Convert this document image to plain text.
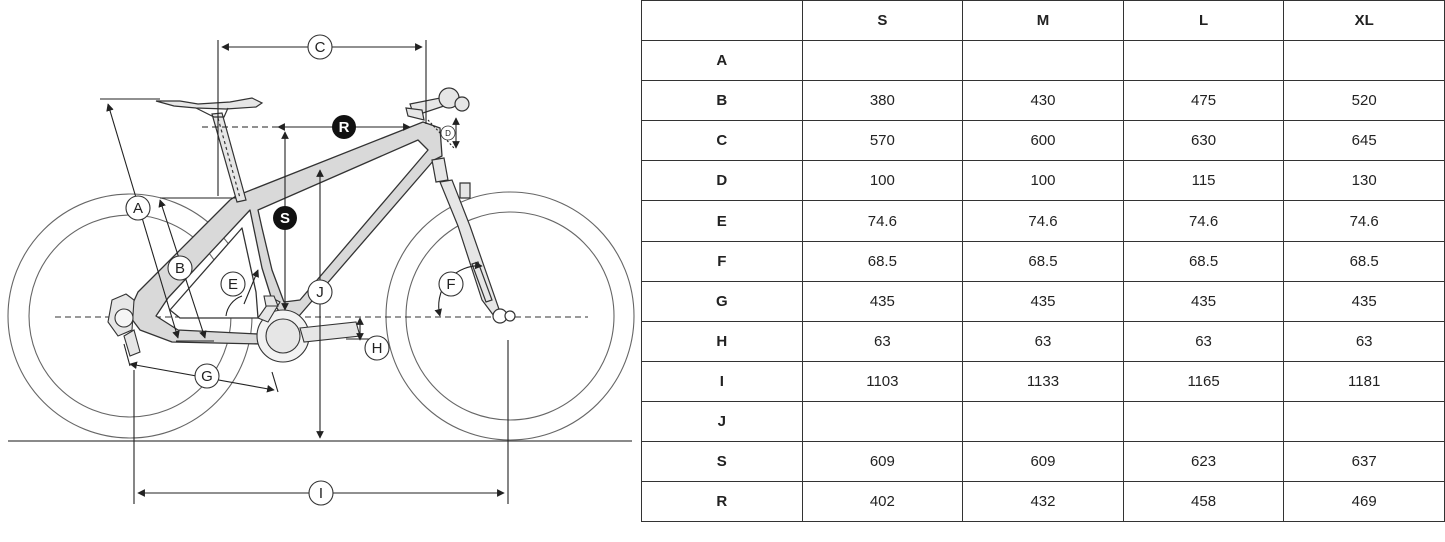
A
B
C
D
E	F
G
H
I
J
R
S
	S	M	L	XL
A				
B	380	430	475	520
C	570	600	630	645
D	100	100	115	130
E	74.6	74.6	74.6	74.6
F	68.5	68.5	68.5	68.5
G	435	435	435	435
H	63	63	63	63
I	1103	1133	1165	1181
J				
S	609	609	623	637
R	402	432	458	469
